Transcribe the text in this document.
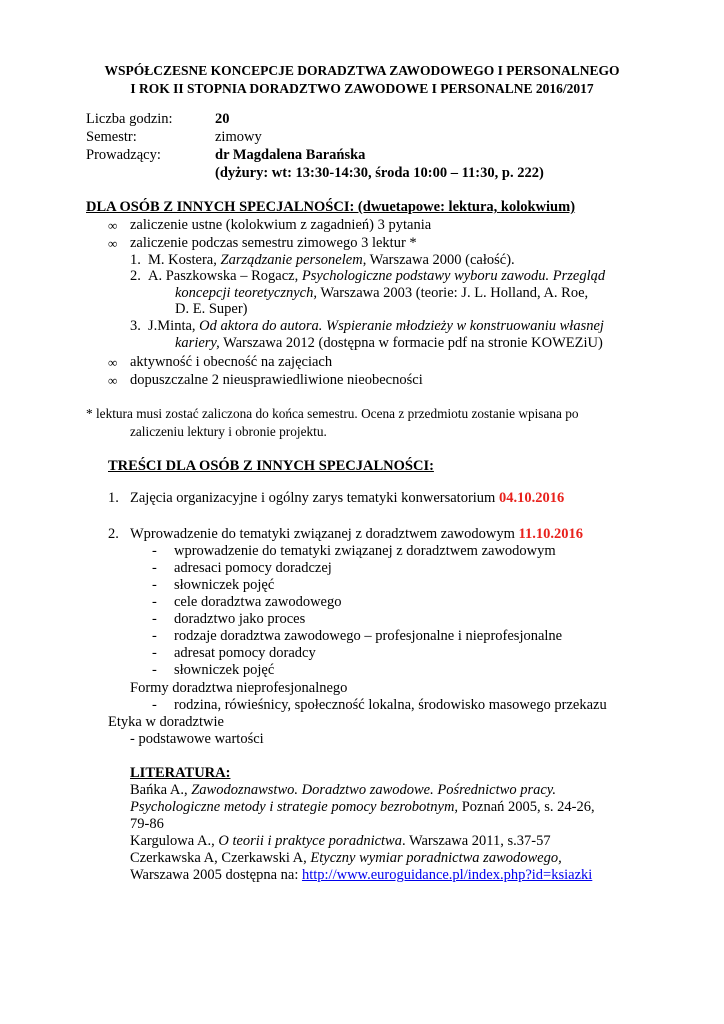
WSPÓŁCZESNE KONCEPCJE DORADZTWA ZAWODOWEGO I PERSONALNEGO
I ROK II STOPNIA DORADZTWO ZAWODOWE I PERSONALNE 2016/2017
Liczba godzin:	20
Semestr:	zimowy
Prowadzący:	dr Magdalena Barańska
(dyżury: wt: 13:30-14:30, środa 10:00 – 11:30, p. 222)
DLA OSÓB Z INNYCH SPECJALNOŚCI: (dwuetapowe: lektura, kolokwium)
∞ zaliczenie ustne (kolokwium z zagadnień) 3 pytania
∞ zaliczenie podczas semestru zimowego 3 lektur *
1. M. Kostera, Zarządzanie personelem, Warszawa 2000 (całość).
2. A. Paszkowska – Rogacz, Psychologiczne podstawy wyboru zawodu. Przegląd
koncepcji teoretycznych, Warszawa 2003 (teorie: J. L. Holland, A. Roe,
D. E. Super)
3. J.Minta, Od aktora do autora. Wspieranie młodzieży w konstruowaniu własnej
kariery, Warszawa 2012 (dostępna w formacie pdf na stronie KOWEZiU)
∞ aktywność i obecność na zajęciach
∞ dopuszczalne 2 nieusprawiedliwione nieobecności
* lektura musi zostać zaliczona do końca semestru. Ocena z przedmiotu zostanie wpisana po
zaliczeniu lektury i obronie projektu.
TREŚCI DLA OSÓB Z INNYCH SPECJALNOŚCI:
1. Zajęcia organizacyjne i ogólny zarys tematyki konwersatorium 04.10.2016
2. Wprowadzenie do tematyki związanej z doradztwem zawodowym 11.10.2016
- wprowadzenie do tematyki związanej z doradztwem zawodowym
- adresaci pomocy doradczej
- słowniczek pojęć
- cele doradztwa zawodowego
- doradztwo jako proces
- rodzaje doradztwa zawodowego – profesjonalne i nieprofesjonalne
- adresat pomocy doradcy
- słowniczek pojęć
Formy doradztwa nieprofesjonalnego
- rodzina, rówieśnicy, społeczność lokalna, środowisko masowego przekazu
Etyka w doradztwie
- podstawowe wartości
LITERATURA:
Bańka A., Zawodoznawstwo. Doradztwo zawodowe. Pośrednictwo pracy.
Psychologiczne metody i strategie pomocy bezrobotnym, Poznań 2005, s. 24-26,
79-86
Kargulowa A., O teorii i praktyce poradnictwa. Warszawa 2011, s.37-57
Czerkawska A, Czerkawski A, Etyczny wymiar poradnictwa zawodowego,
Warszawa 2005 dostępna na: http://www.euroguidance.pl/index.php?id=ksiazki
